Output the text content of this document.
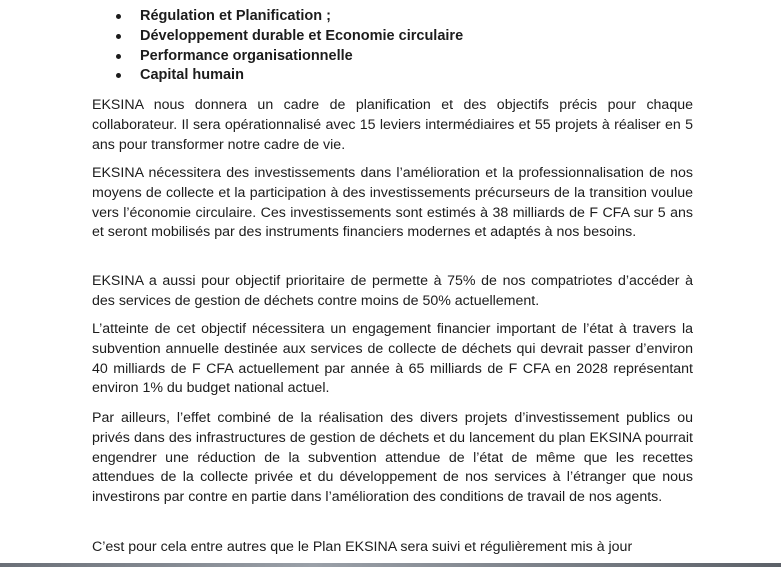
Régulation et Planification ;
Développement durable et Economie circulaire
Performance organisationnelle
Capital humain

EKSINA nous donnera un cadre de planification et des objectifs précis pour chaque collaborateur. Il sera opérationnalisé avec 15 leviers intermédiaires et 55 projets à réaliser en 5 ans pour transformer notre cadre de vie.

EKSINA nécessitera des investissements dans l’amélioration et la professionnalisation de nos moyens de collecte et la participation à des investissements précurseurs de la transition voulue vers l’économie circulaire. Ces investissements sont estimés à 38 milliards de F CFA sur 5 ans et seront mobilisés par des instruments financiers modernes et adaptés à nos besoins.

EKSINA a aussi pour objectif prioritaire de permette à 75% de nos compatriotes d’accéder à des services de gestion de déchets contre moins de 50% actuellement.

L’atteinte de cet objectif nécessitera un engagement financier important de l’état à travers la subvention annuelle destinée aux services de collecte de déchets qui devrait passer d’environ 40 milliards de F CFA actuellement par année à 65 milliards de F CFA en 2028 représentant environ 1% du budget national actuel.

Par ailleurs, l’effet combiné de la réalisation des divers projets d’investissement publics ou privés dans des infrastructures de gestion de déchets et du lancement du plan EKSINA pourrait engendrer une réduction de la subvention attendue de l’état de même que les recettes attendues de la collecte privée et du développement de nos services à l’étranger que nous investirons par contre en partie dans l’amélioration des conditions de travail de nos agents.

C’est pour cela entre autres que le Plan EKSINA sera suivi et régulièrement mis à jour
